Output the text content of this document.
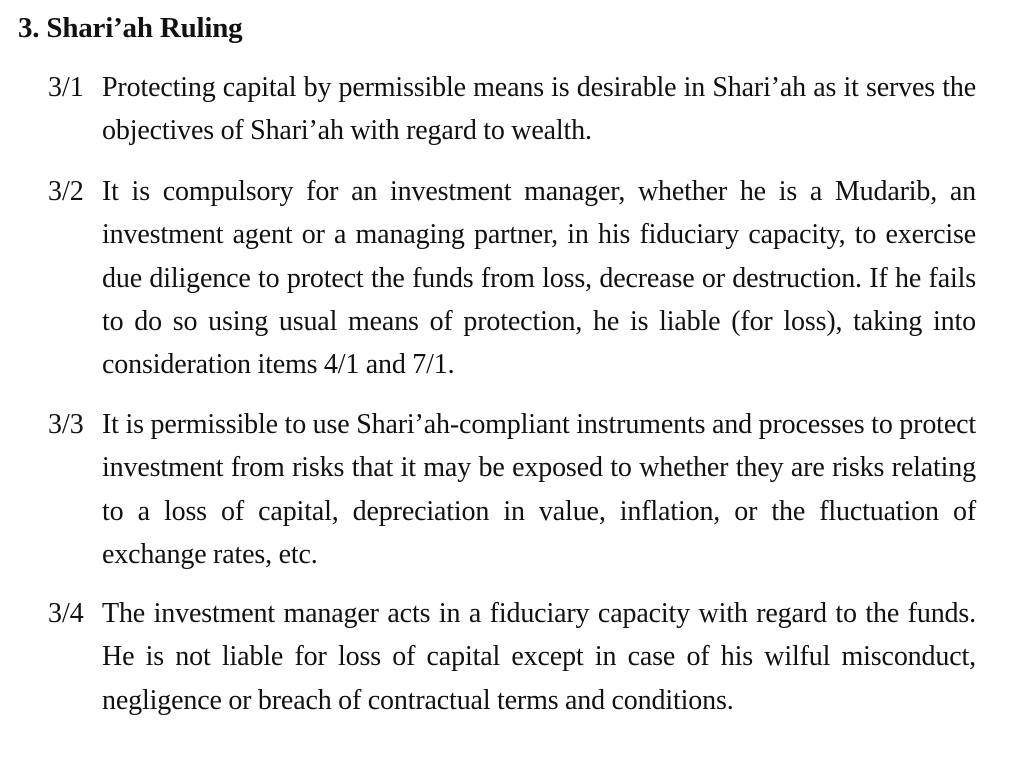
3. Shari’ah Ruling
3/1 Protecting capital by permissible means is desirable in Shari’ah as it serves the objectives of Shari’ah with regard to wealth.

3/2 It is compulsory for an investment manager, whether he is a Mudarib, an investment agent or a managing partner, in his fiduciary capacity, to exercise due diligence to protect the funds from loss, decrease or destruction. If he fails to do so using usual means of protection, he is liable (for loss), taking into consideration items 4/1 and 7/1.

3/3 It is permissible to use Shari’ah-compliant instruments and processes to protect investment from risks that it may be exposed to whether they are risks relating to a loss of capital, depreciation in value, inflation, or the fluctuation of exchange rates, etc.

3/4 The investment manager acts in a fiduciary capacity with regard to the funds. He is not liable for loss of capital except in case of his wilful misconduct, negligence or breach of contractual terms and conditions.
